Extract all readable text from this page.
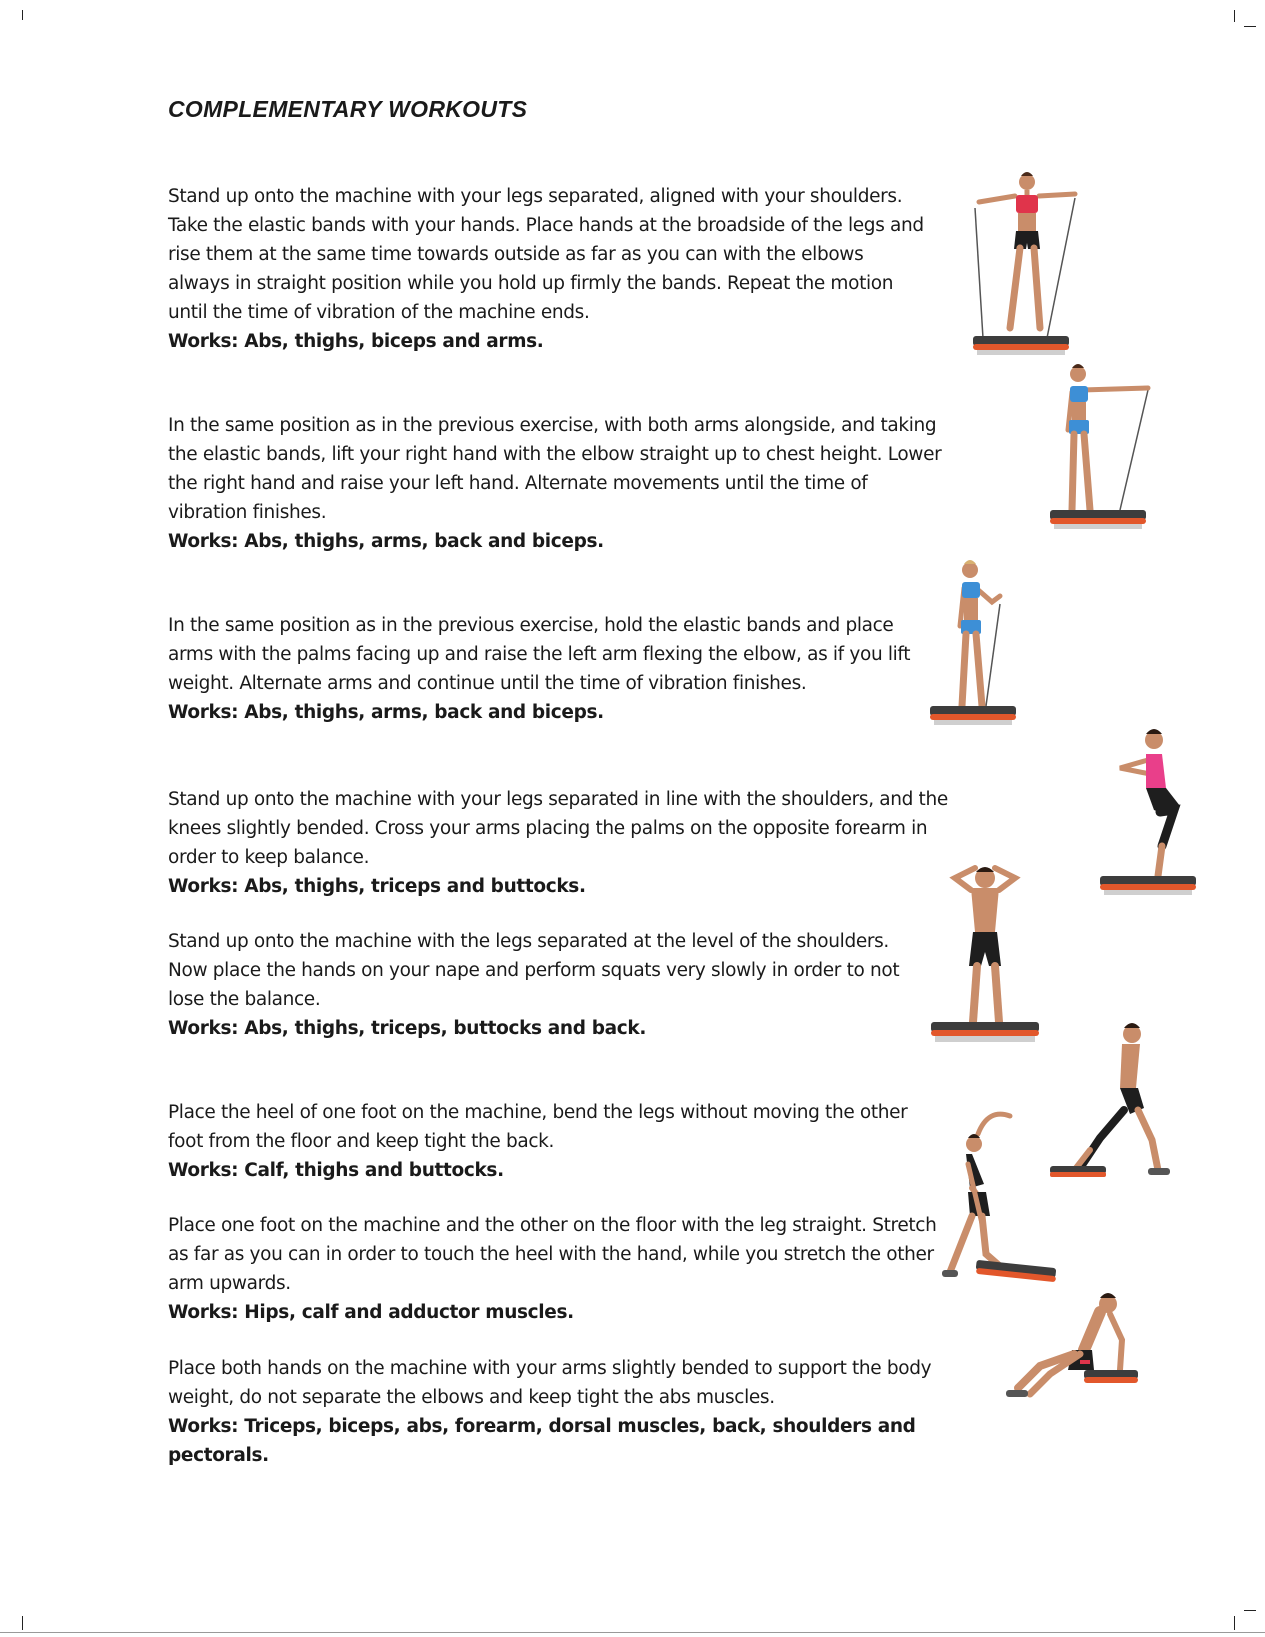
COMPLEMENTARY WORKOUTS

Stand up onto the machine with your legs separated, aligned with your shoulders. Take the elastic bands with your hands. Place hands at the broadside of the legs and rise them at the same time towards outside as far as you can with the elbows always in straight position while you hold up firmly the bands. Repeat the motion until the time of vibration of the machine ends.

Works: Abs, thighs, biceps and arms.

In the same position as in the previous exercise, with both arms alongside, and taking the elastic bands, lift your right hand with the elbow straight up to chest height. Lower the right hand and raise your left hand. Alternate movements until the time of vibration finishes.

Works: Abs, thighs, arms, back and biceps.

In the same position as in the previous exercise, hold the elastic bands and place arms with the palms facing up and raise the left arm flexing the elbow, as if you lift weight. Alternate arms and continue until the time of vibration finishes.

Works: Abs, thighs, arms, back and biceps.

Stand up onto the machine with your legs separated in line with the shoulders, and the knees slightly bended. Cross your arms placing the palms on the opposite forearm in order to keep balance.

Works: Abs, thighs, triceps and buttocks.

Stand up onto the machine with the legs separated at the level of the shoulders. Now place the hands on your nape and perform squats very slowly in order to not lose the balance.

Works: Abs, thighs, triceps, buttocks and back.

Place the heel of one foot on the machine, bend the legs without moving the other foot from the floor and keep tight the back.

Works: Calf, thighs and buttocks.

Place one foot on the machine and the other on the floor with the leg straight. Stretch as far as you can in order to touch the heel with the hand, while you stretch the other arm upwards.

Works: Hips, calf and adductor muscles.

Place both hands on the machine with your arms slightly bended to support the body weight, do not separate the elbows and keep tight the abs muscles.

Works: Triceps, biceps, abs, forearm, dorsal muscles, back, shoulders and pectorals.
